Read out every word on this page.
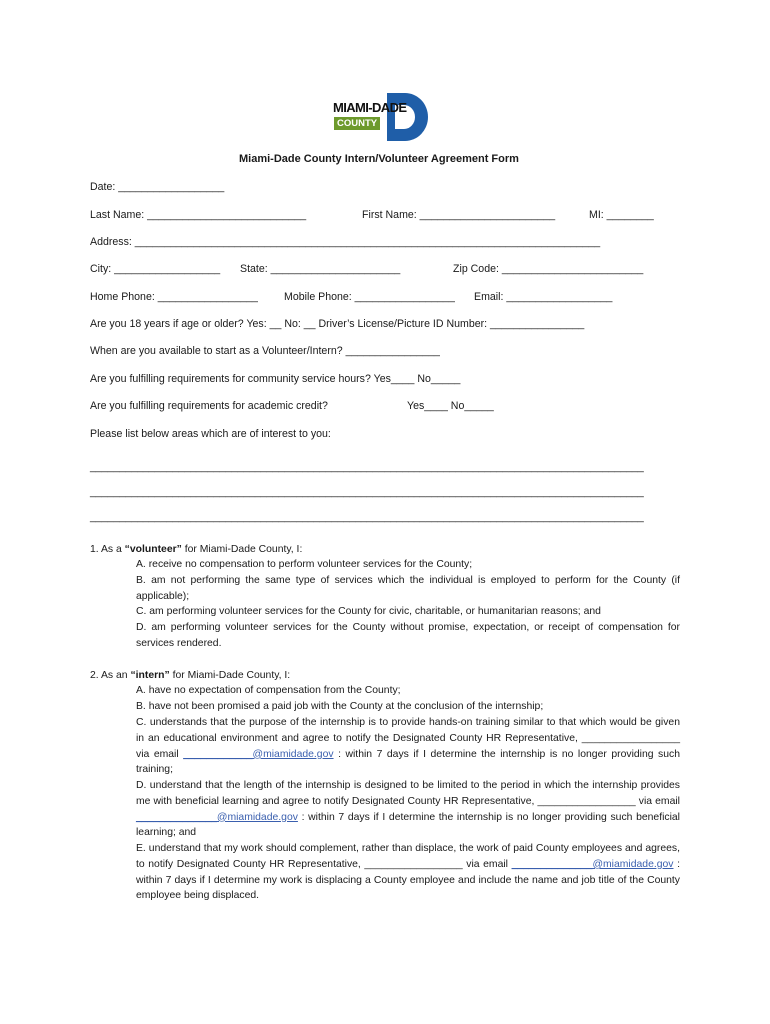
MIAMI-DADE
COUNTY
Miami-Dade County Intern/Volunteer Agreement Form
Date: __________________
Last Name: ___________________________	First Name: _______________________	MI: ________
Address: _______________________________________________________________________________
City: __________________ State: ______________________	Zip Code: ________________________
Home Phone: _________________ Mobile Phone: _________________ Email: __________________
Are you 18 years if age or older? Yes: __ No: __ Driver’s License/Picture ID Number: ________________
When are you available to start as a Volunteer/Intern? ________________
Are you fulfilling requirements for community service hours? Yes____ No_____
Are you fulfilling requirements for academic credit?	Yes____ No_____
Please list below areas which are of interest to you:
______________________________________________________________________________________________
______________________________________________________________________________________________
______________________________________________________________________________________________
1. As a “volunteer” for Miami-Dade County, I:
A. receive no compensation to perform volunteer services for the County;
B. am not performing the same type of services which the individual is employed to perform for the County (if applicable);
C. am performing volunteer services for the County for civic, charitable, or humanitarian reasons; and
D. am performing volunteer services for the County without promise, expectation, or receipt of compensation for services rendered.
2. As an “intern” for Miami-Dade County, I:
A. have no expectation of compensation from the County;
B. have not been promised a paid job with the County at the conclusion of the internship;
C. understands that the purpose of the internship is to provide hands-on training similar to that which would be given in an educational environment and agree to notify the Designated County HR Representative, _________________ via email ____________@miamidade.gov : within 7 days if I determine the internship is no longer providing such training;
D. understand that the length of the internship is designed to be limited to the period in which the internship provides me with beneficial learning and agree to notify Designated County HR Representative, _________________ via email ______________@miamidade.gov : within 7 days if I determine the internship is no longer providing such beneficial learning; and
E. understand that my work should complement, rather than displace, the work of paid County employees and agrees, to notify Designated County HR Representative, _________________ via email ______________@miamidade.gov : within 7 days if I determine my work is displacing a County employee and include the name and job title of the County employee being displaced.
